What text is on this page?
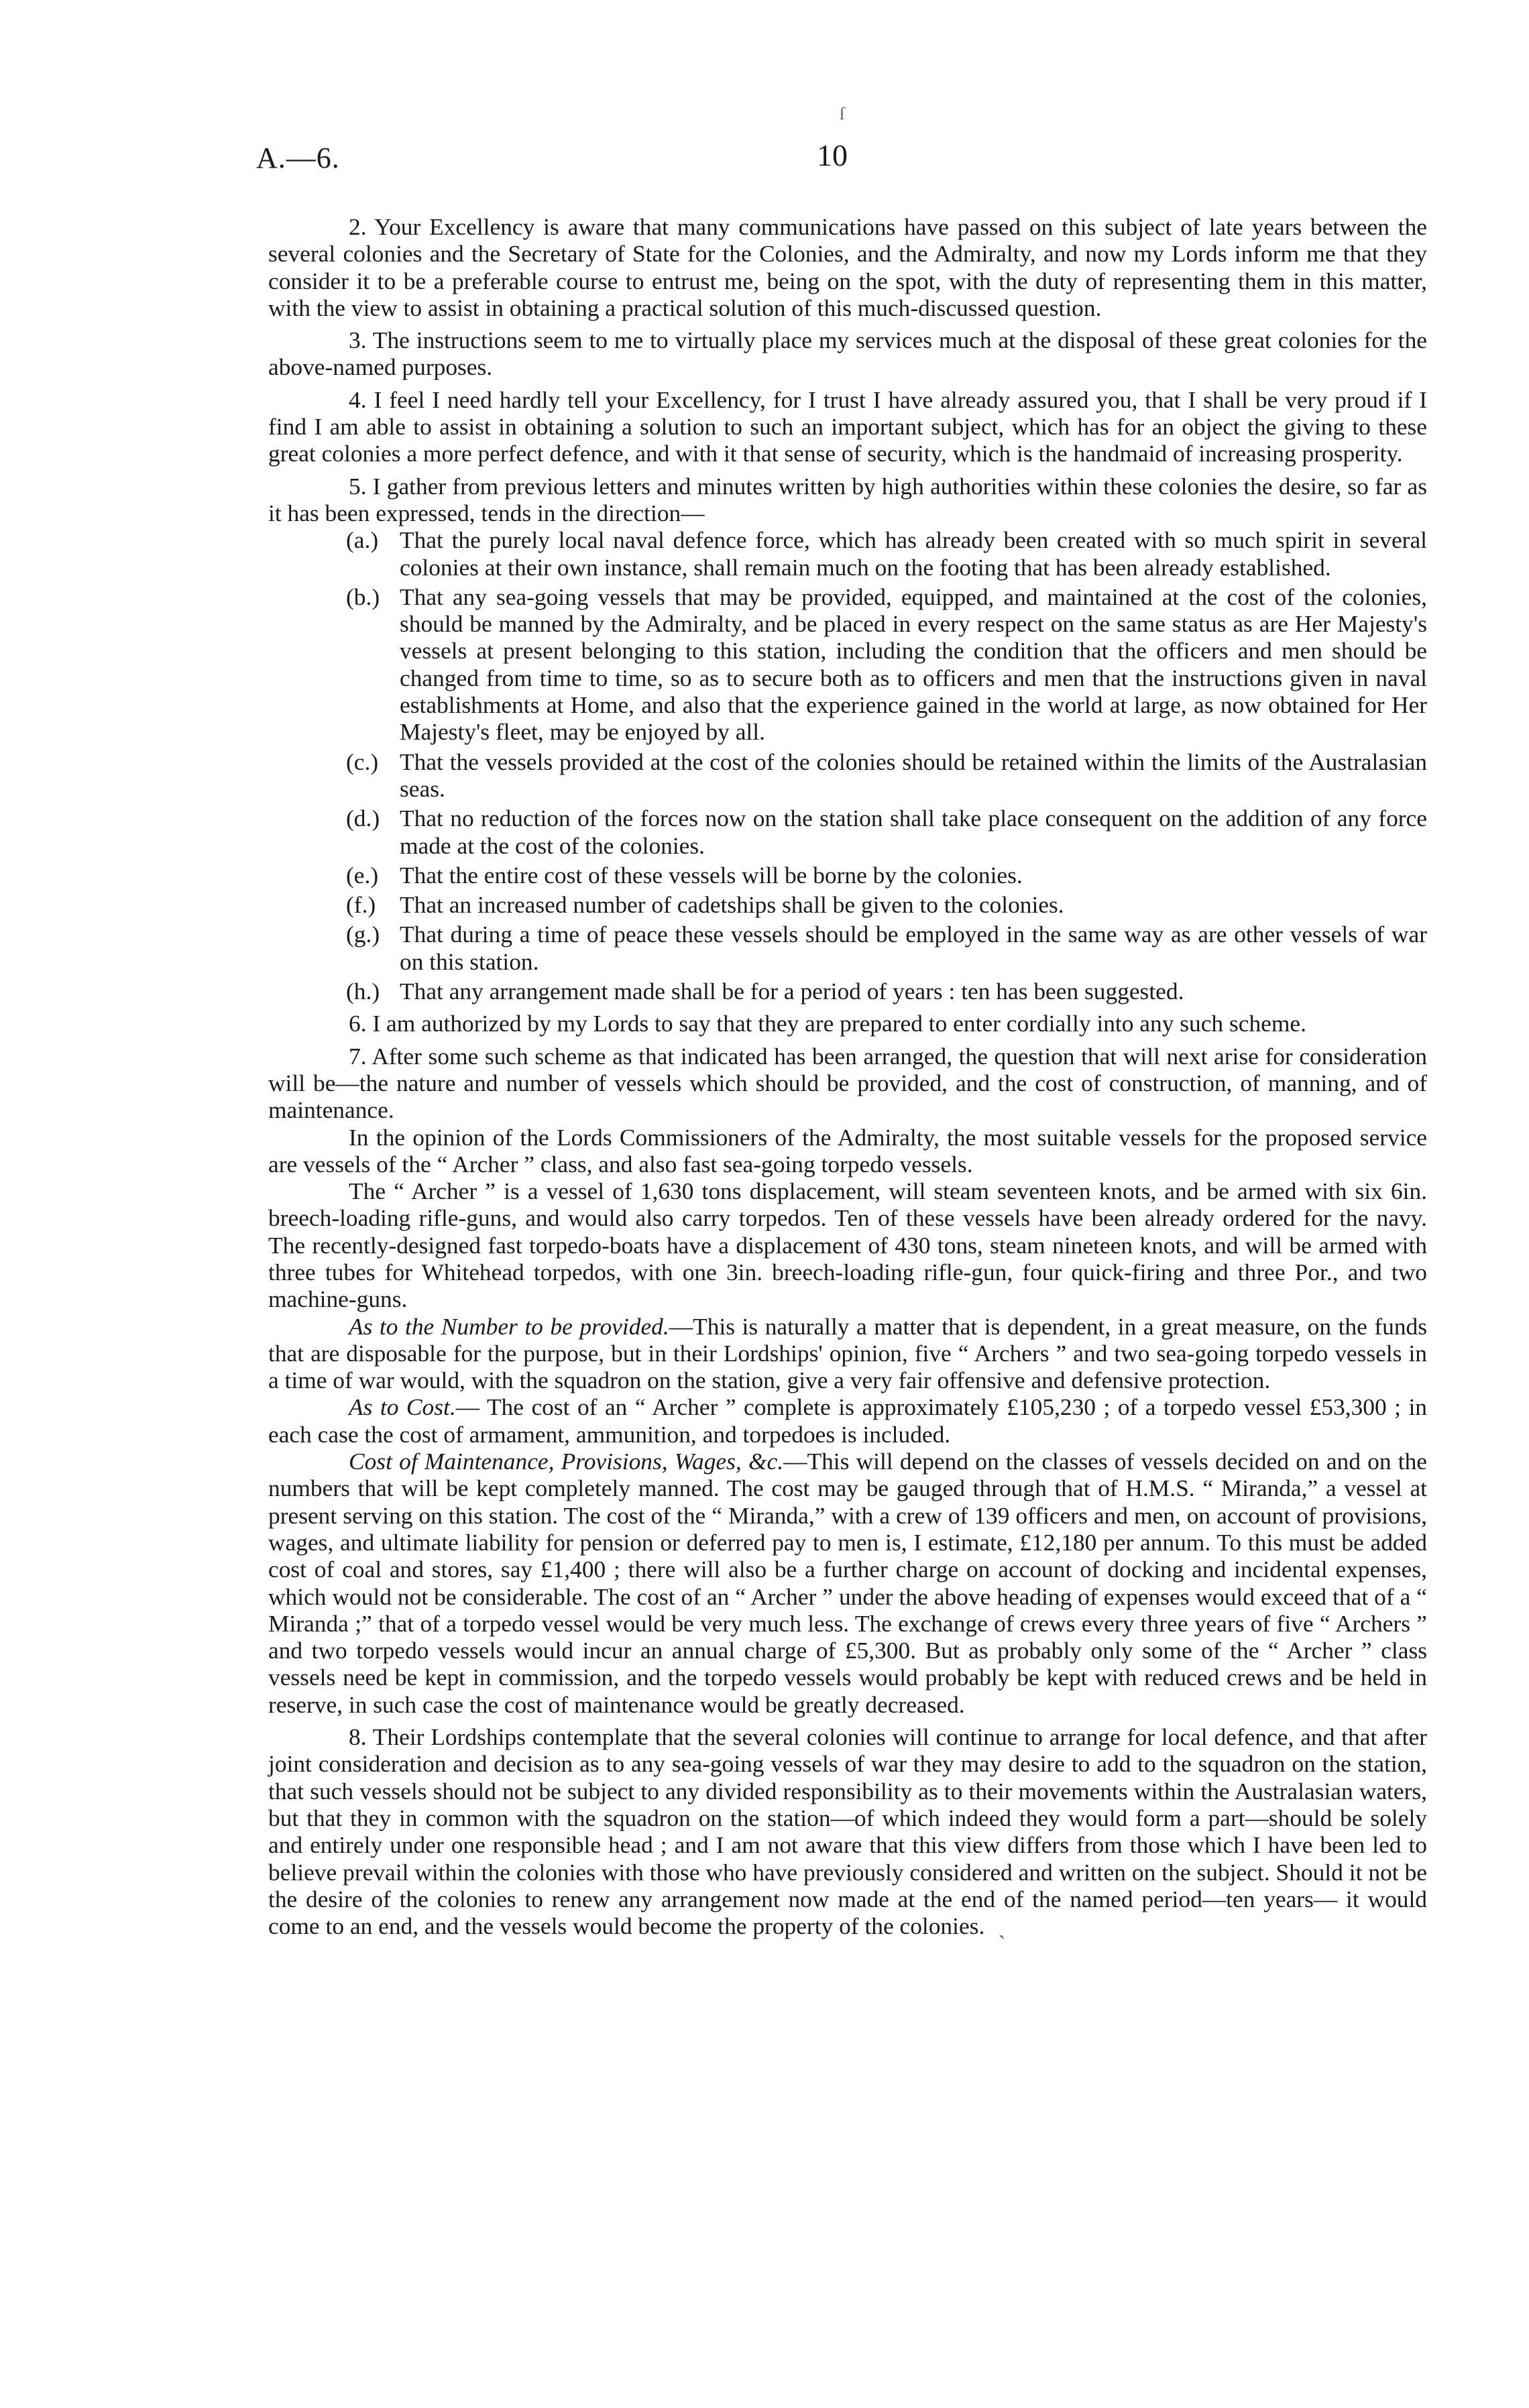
ſ
A.—6.	10

2. Your Excellency is aware that many communications have passed on this subject of late years between the several colonies and the Secretary of State for the Colonies, and the Admiralty, and now my Lords inform me that they consider it to be a preferable course to entrust me, being on the spot, with the duty of representing them in this matter, with the view to assist in obtaining a practical solution of this much-discussed question.

3. The instructions seem to me to virtually place my services much at the disposal of these great colonies for the above-named purposes.

4. I feel I need hardly tell your Excellency, for I trust I have already assured you, that I shall be very proud if I find I am able to assist in obtaining a solution to such an important subject, which has for an object the giving to these great colonies a more perfect defence, and with it that sense of security, which is the handmaid of increasing prosperity.

5. I gather from previous letters and minutes written by high authorities within these colonies the desire, so far as it has been expressed, tends in the direction—

(a.) That the purely local naval defence force, which has already been created with so much spirit in several colonies at their own instance, shall remain much on the footing that has been already established.
(b.) That any sea-going vessels that may be provided, equipped, and maintained at the cost of the colonies, should be manned by the Admiralty, and be placed in every respect on the same status as are Her Majesty's vessels at present belonging to this station, including the condition that the officers and men should be changed from time to time, so as to secure both as to officers and men that the instructions given in naval establishments at Home, and also that the experience gained in the world at large, as now obtained for Her Majesty's fleet, may be enjoyed by all.
(c.) That the vessels provided at the cost of the colonies should be retained within the limits of the Australasian seas.
(d.) That no reduction of the forces now on the station shall take place consequent on the addition of any force made at the cost of the colonies.
(e.) That the entire cost of these vessels will be borne by the colonies.
(f.) That an increased number of cadetships shall be given to the colonies.
(g.) That during a time of peace these vessels should be employed in the same way as are other vessels of war on this station.
(h.) That any arrangement made shall be for a period of years : ten has been suggested.

6. I am authorized by my Lords to say that they are prepared to enter cordially into any such scheme.

7. After some such scheme as that indicated has been arranged, the question that will next arise for consideration will be—the nature and number of vessels which should be provided, and the cost of construction, of manning, and of maintenance.

In the opinion of the Lords Commissioners of the Admiralty, the most suitable vessels for the proposed service are vessels of the “ Archer ” class, and also fast sea-going torpedo vessels.

The “ Archer ” is a vessel of 1,630 tons displacement, will steam seventeen knots, and be armed with six 6in. breech-loading rifle-guns, and would also carry torpedos. Ten of these vessels have been already ordered for the navy. The recently-designed fast torpedo-boats have a displacement of 430 tons, steam nineteen knots, and will be armed with three tubes for Whitehead torpedos, with one 3in. breech-loading rifle-gun, four quick-firing and three Por., and two machine-guns.

As to the Number to be provided.—This is naturally a matter that is dependent, in a great measure, on the funds that are disposable for the purpose, but in their Lordships' opinion, five “ Archers ” and two sea-going torpedo vessels in a time of war would, with the squadron on the station, give a very fair offensive and defensive protection.

As to Cost.— The cost of an “ Archer ” complete is approximately £105,230 ; of a torpedo vessel £53,300 ; in each case the cost of armament, ammunition, and torpedoes is included.

Cost of Maintenance, Provisions, Wages, &c.—This will depend on the classes of vessels decided on and on the numbers that will be kept completely manned. The cost may be gauged through that of H.M.S. “ Miranda,” a vessel at present serving on this station. The cost of the “ Miranda,” with a crew of 139 officers and men, on account of provisions, wages, and ultimate liability for pension or deferred pay to men is, I estimate, £12,180 per annum. To this must be added cost of coal and stores, say £1,400 ; there will also be a further charge on account of docking and incidental expenses, which would not be considerable. The cost of an “ Archer ” under the above heading of expenses would exceed that of a “ Miranda ;” that of a torpedo vessel would be very much less. The exchange of crews every three years of five “ Archers ” and two torpedo vessels would incur an annual charge of £5,300. But as probably only some of the “ Archer ” class vessels need be kept in commission, and the torpedo vessels would probably be kept with reduced crews and be held in reserve, in such case the cost of maintenance would be greatly decreased.

8. Their Lordships contemplate that the several colonies will continue to arrange for local defence, and that after joint consideration and decision as to any sea-going vessels of war they may desire to add to the squadron on the station, that such vessels should not be subject to any divided responsibility as to their movements within the Australasian waters, but that they in common with the squadron on the station—of which indeed they would form a part—should be solely and entirely under one responsible head ; and I am not aware that this view differs from those which I have been led to believe prevail within the colonies with those who have previously considered and written on the subject. Should it not be the desire of the colonies to renew any arrangement now made at the end of the named period—ten years— it would come to an end, and the vessels would become the property of the colonies. ˏ
